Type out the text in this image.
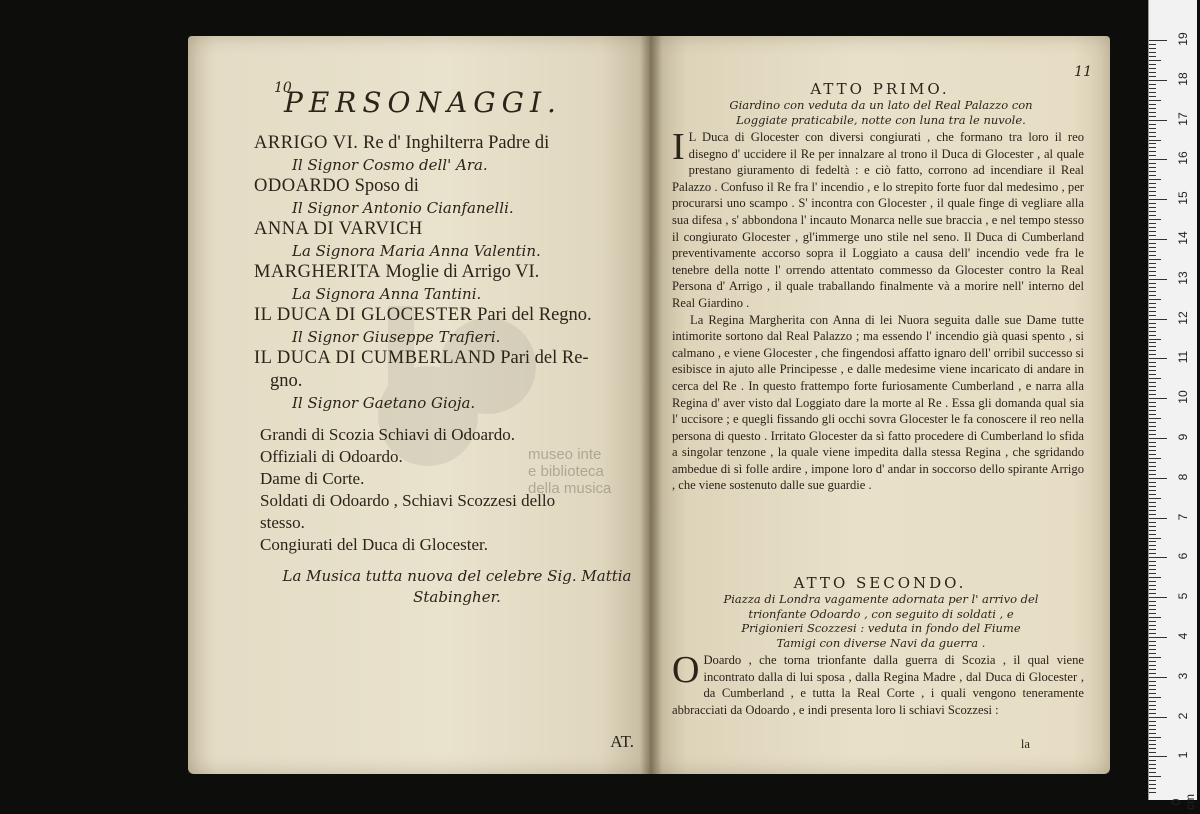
museo inte
e biblioteca
della musica
10
PERSONAGGI.
ARRIGO VI. Re d' Inghilterra Padre di
Il Signor Cosmo dell' Ara.
ODOARDO Sposo di
Il Signor Antonio Cianfanelli.
ANNA DI VARVICH
La Signora Maria Anna Valentin.
MARGHERITA Moglie di Arrigo VI.
La Signora Anna Tantini.
IL DUCA DI GLOCESTER Pari del Regno.
Il Signor Giuseppe Trafieri.
IL DUCA DI CUMBERLAND Pari del Re-
gno.
Il Signor Gaetano Gioja.
Grandi di Scozia Schiavi di Odoardo.
Offiziali di Odoardo.
Dame di Corte.
Soldati di Odoardo , Schiavi Scozzesi dello
stesso.
Congiurati del Duca di Glocester.
La Musica tutta nuova del celebre Sig. Mattia
Stabingher.
AT.
11
ATTO PRIMO.
Giardino con veduta da un lato del Real Palazzo con
Loggiate praticabile, notte con luna tra le nuvole.

I L Duca di Glocester con diversi congiurati , che formano tra loro il reo disegno d' uccidere il Re per innalzare al trono il Duca di Glocester , al quale prestano giuramento di fedeltà : e ciò fatto, corrono ad incendiare il Real Palazzo . Confuso il Re fra l' incendio , e lo strepito forte fuor dal medesimo , per procurarsi uno scampo . S' incontra con Glocester , il quale finge di vegliare alla sua difesa , s' abbondona l' incauto Monarca nelle sue braccia , e nel tempo stesso il congiurato Glocester , gl'immerge uno stile nel seno. Il Duca di Cumberland preventivamente accorso sopra il Loggiato a causa dell' incendio vede fra le tenebre della notte l' orrendo attentato commesso da Glocester contro la Real Persona d' Arrigo , il quale traballando finalmente và a morire nell' interno del Real Giardino .

La Regina Margherita con Anna di lei Nuora seguita dalle sue Dame tutte intimorite sortono dal Real Palazzo ; ma essendo l' incendio già quasi spento , si calmano , e viene Glocester , che fingendosi affatto ignaro dell' orribil successo si esibisce in ajuto alle Principesse , e dalle medesime viene incaricato di andare in cerca del Re . In questo frattempo forte furiosamente Cumberland , e narra alla Regina d' aver visto dal Loggiato dare la morte al Re . Essa gli domanda qual sia l' uccisore ; e quegli fissando gli occhi sovra Glocester le fa conoscere il reo nella persona di questo . Irritato Glocester da sì fatto procedere di Cumberland lo sfida a singolar tenzone , la quale viene impedita dalla stessa Regina , che sgridando ambedue di sì folle ardire , impone loro d' andar in soccorso dello spirante Arrigo , che viene sostenuto dalle sue guardie .

ATTO SECONDO.
Piazza di Londra vagamente adornata per l' arrivo del
trionfante Odoardo , con seguito di soldati , e
Prigionieri Scozzesi : veduta in fondo del Fiume
Tamigi con diverse Navi da guerra .

O Doardo , che torna trionfante dalla guerra di Scozia , il qual viene incontrato dalla di lui sposa , dalla Regina Madre , dal Duca di Glocester , da Cumberland , e tutta la Real Corte , i quali vengono teneramente abbracciati da Odoardo , e indi presenta loro li schiavi Scozzesi :

la
19
18
17
16
15
14
13
12
11
10
9
8
7
6
5
4
3
2
1
0 cm
